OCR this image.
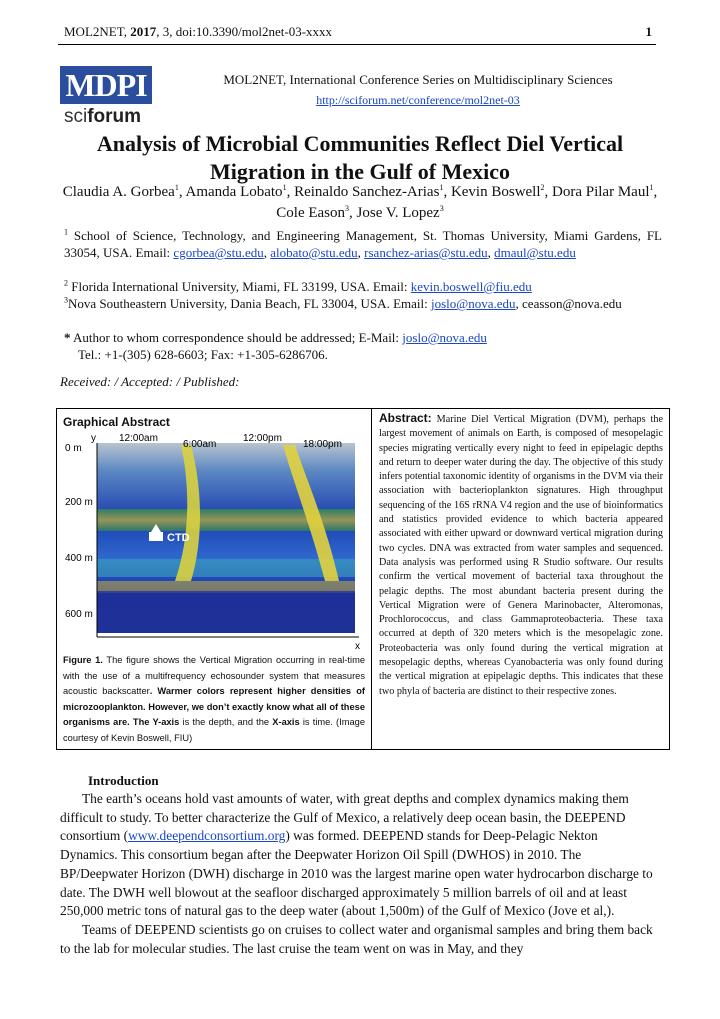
MOL2NET, 2017, 3, doi:10.3390/mol2net-03-xxxx	1
MDPI
sciforum
MOL2NET, International Conference Series on Multidisciplinary Sciences
http://sciforum.net/conference/mol2net-03
Analysis of Microbial Communities Reflect Diel Vertical Migration in the Gulf of Mexico
Claudia A. Gorbea$^1$, Amanda Lobato$^1$, Reinaldo Sanchez-Arias$^1$, Kevin Boswell$^2$, Dora Pilar Maul$^1$, Cole Eason$^3$, Jose V. Lopez$^3$
$^1$ School of Science, Technology, and Engineering Management, St. Thomas University, Miami Gardens, FL 33054, USA. Email: cgorbea@stu.edu, alobato@stu.edu, rsanchez-arias@stu.edu, dmaul@stu.edu
$^2$ Florida International University, Miami, FL 33199, USA. Email: kevin.boswell@fiu.edu
$^3$Nova Southeastern University, Dania Beach, FL 33004, USA. Email: joslo@nova.edu, ceasson@nova.edu
* Author to whom correspondence should be addressed; E-Mail: joslo@nova.edu
Tel.: +1-(305) 628-6603; Fax: +1-305-6286706.
Received: / Accepted: / Published:
Graphical Abstract
y
x
12:00am
6:00am
12:00pm
18:00pm
0 m
200 m
400 m
600 m
CTD
Figure 1. The figure shows the Vertical Migration occurring in real-time with the use of a multifrequency echosounder system that measures acoustic backscatter. Warmer colors represent higher densities of microzooplankton. However, we don’t exactly know what all of these organisms are. The Y-axis is the depth, and the X-axis is time. (Image courtesy of Kevin Boswell, FIU)
Abstract: Marine Diel Vertical Migration (DVM), perhaps the largest movement of animals on Earth, is composed of mesopelagic species migrating vertically every night to feed in epipelagic depths and return to deeper water during the day. The objective of this study infers potential taxonomic identity of organisms in the DVM via their association with bacterioplankton signatures. High throughput sequencing of the 16S rRNA V4 region and the use of bioinformatics and statistics provided evidence to which bacteria appeared associated with either upward or downward vertical migration during two cycles. DNA was extracted from water samples and sequenced. Data analysis was performed using R Studio software. Our results confirm the vertical movement of bacterial taxa throughout the pelagic depths. The most abundant bacteria present during the Vertical Migration were of Genera Marinobacter, Alteromonas, Prochlorococcus, and class Gammaproteobacteria. These taxa occurred at depth of 320 meters which is the mesopelagic zone. Proteobacteria was only found during the vertical migration at mesopelagic depths, whereas Cyanobacteria was only found during the vertical migration at epipelagic depths. This indicates that these two phyla of bacteria are distinct to their respective zones.
Introduction

The earth’s oceans hold vast amounts of water, with great depths and complex dynamics making them difficult to study. To better characterize the Gulf of Mexico, a relatively deep ocean basin, the DEEPEND consortium (www.deependconsortium.org) was formed. DEEPEND stands for Deep-Pelagic Nekton Dynamics. This consortium began after the Deepwater Horizon Oil Spill (DWHOS) in 2010. The BP/Deepwater Horizon (DWH) discharge in 2010 was the largest marine open water hydrocarbon discharge to date. The DWH well blowout at the seafloor discharged approximately 5 million barrels of oil and at least 250,000 metric tons of natural gas to the deep water (about 1,500m) of the Gulf of Mexico (Jove et al,).

Teams of DEEPEND scientists go on cruises to collect water and organismal samples and bring them back to the lab for molecular studies. The last cruise the team went on was in May, and they
